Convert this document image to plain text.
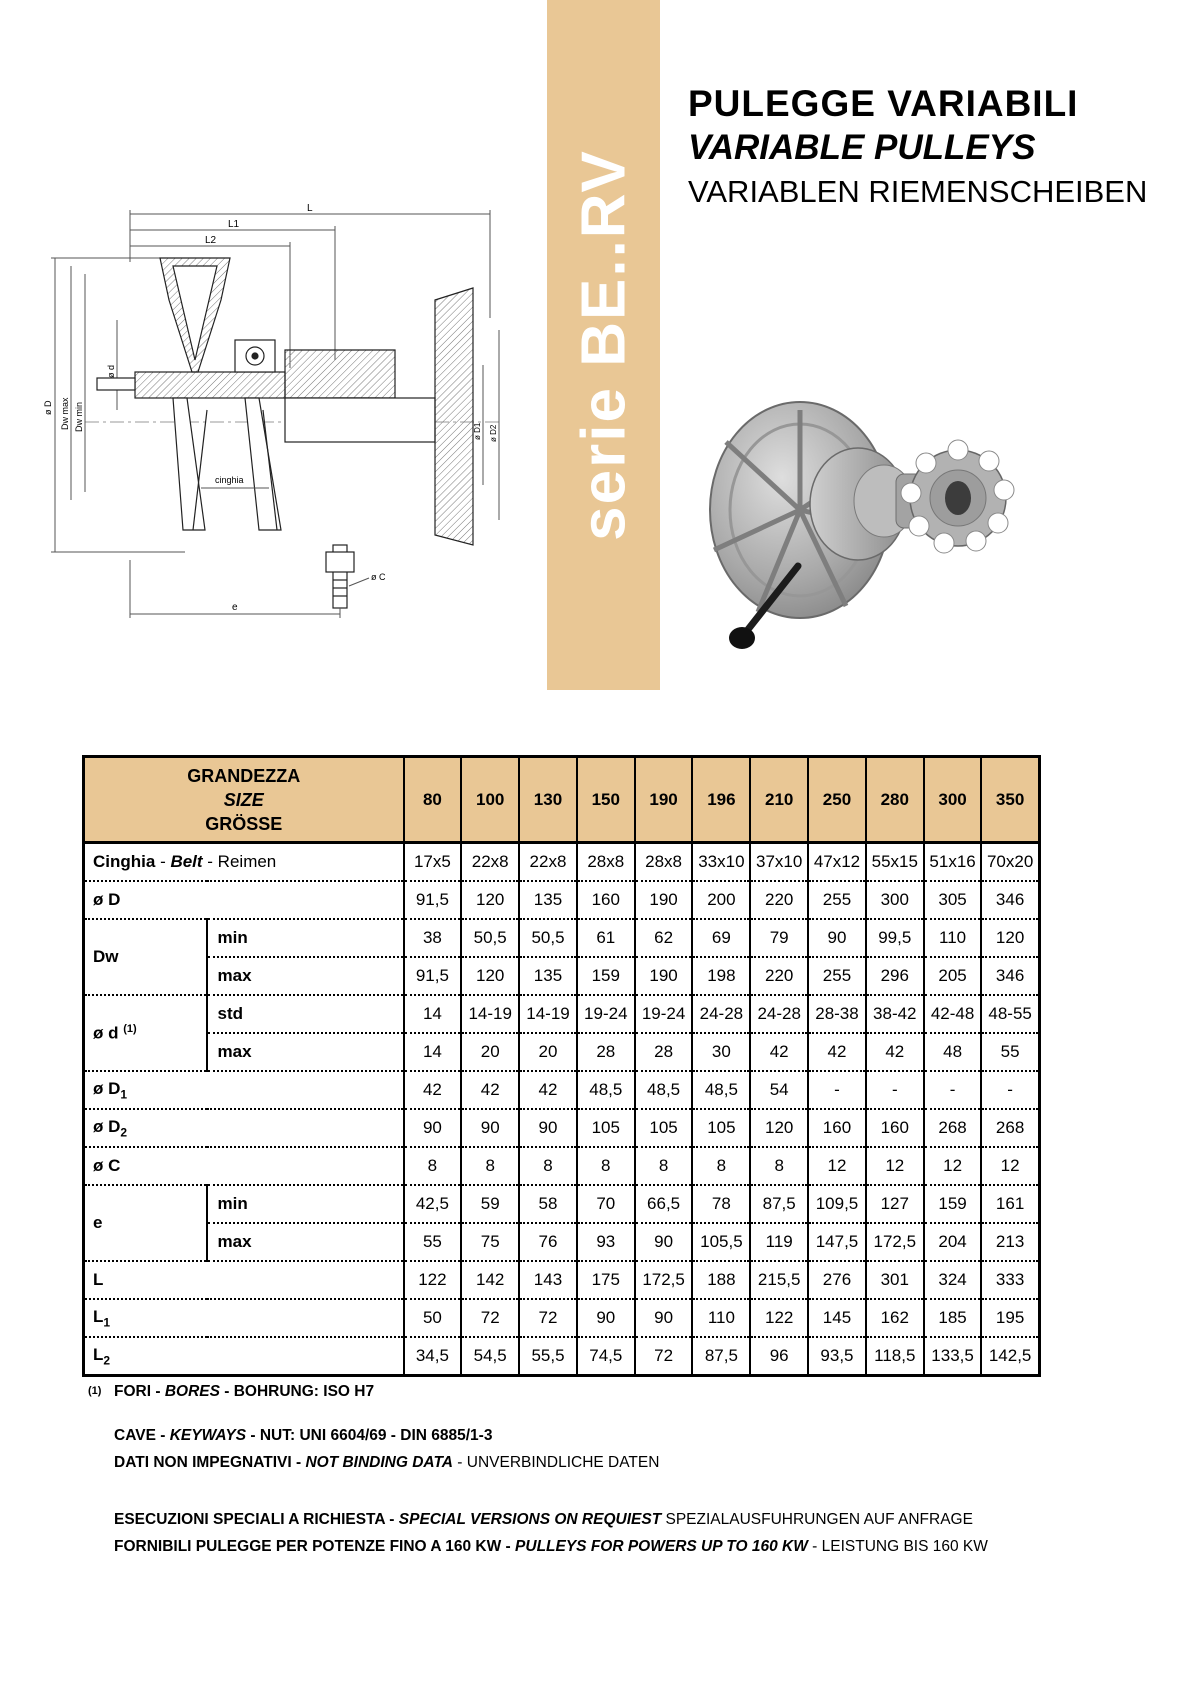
serie BE..RV
PULEGGE VARIABILI
VARIABLE PULLEYS
VARIABLEN RIEMENSCHEIBEN
L
L1
L2
ø D Dw max Dw min
ø d
cinghia
ø C
e
ø D1 ø D2
GRANDEZZA
SIZE
GRÖSSE		80	100	130	150	190	196	210	250	280	300	350
Cinghia - Belt - Reimen		17x5	22x8	22x8	28x8	28x8	33x10	37x10	47x12	55x15	51x16	70x20
ø D		91,5	120	135	160	190	200	220	255	300	305	346
Dw	min	38	50,5	50,5	61	62	69	79	90	99,5	110	120
	max	91,5	120	135	159	190	198	220	255	296	205	346
ø d $^{(1)}$	std	14	14-19	14-19	19-24	19-24	24-28	24-28	28-38	38-42	42-48	48-55
	max	14	20	20	28	28	30	42	42	42	48	55
ø $D_1$		42	42	42	48,5	48,5	48,5	54	-	-	-	-
ø $D_2$		90	90	90	105	105	105	120	160	160	268	268
ø C		8	8	8	8	8	8	8	12	12	12	12
e	min	42,5	59	58	70	66,5	78	87,5	109,5	127	159	161
	max	55	75	76	93	90	105,5	119	147,5	172,5	204	213
L		122	142	143	175	172,5	188	215,5	276	301	324	333
$L_1$		50	72	72	90	90	110	122	145	162	185	195
$L_2$		34,5	54,5	55,5	74,5	72	87,5	96	93,5	118,5	133,5	142,5

(1) FORI - BORES - BOHRUNG: ISO H7

CAVE - KEYWAYS - NUT: UNI 6604/69 - DIN 6885/1-3

DATI NON IMPEGNATIVI - NOT BINDING DATA - UNVERBINDLICHE DATEN

ESECUZIONI SPECIALI A RICHIESTA - SPECIAL VERSIONS ON REQUIEST SPEZIALAUSFUHRUNGEN AUF ANFRAGE

FORNIBILI PULEGGE PER POTENZE FINO A 160 KW - PULLEYS FOR POWERS UP TO 160 KW - LEISTUNG BIS 160 KW
